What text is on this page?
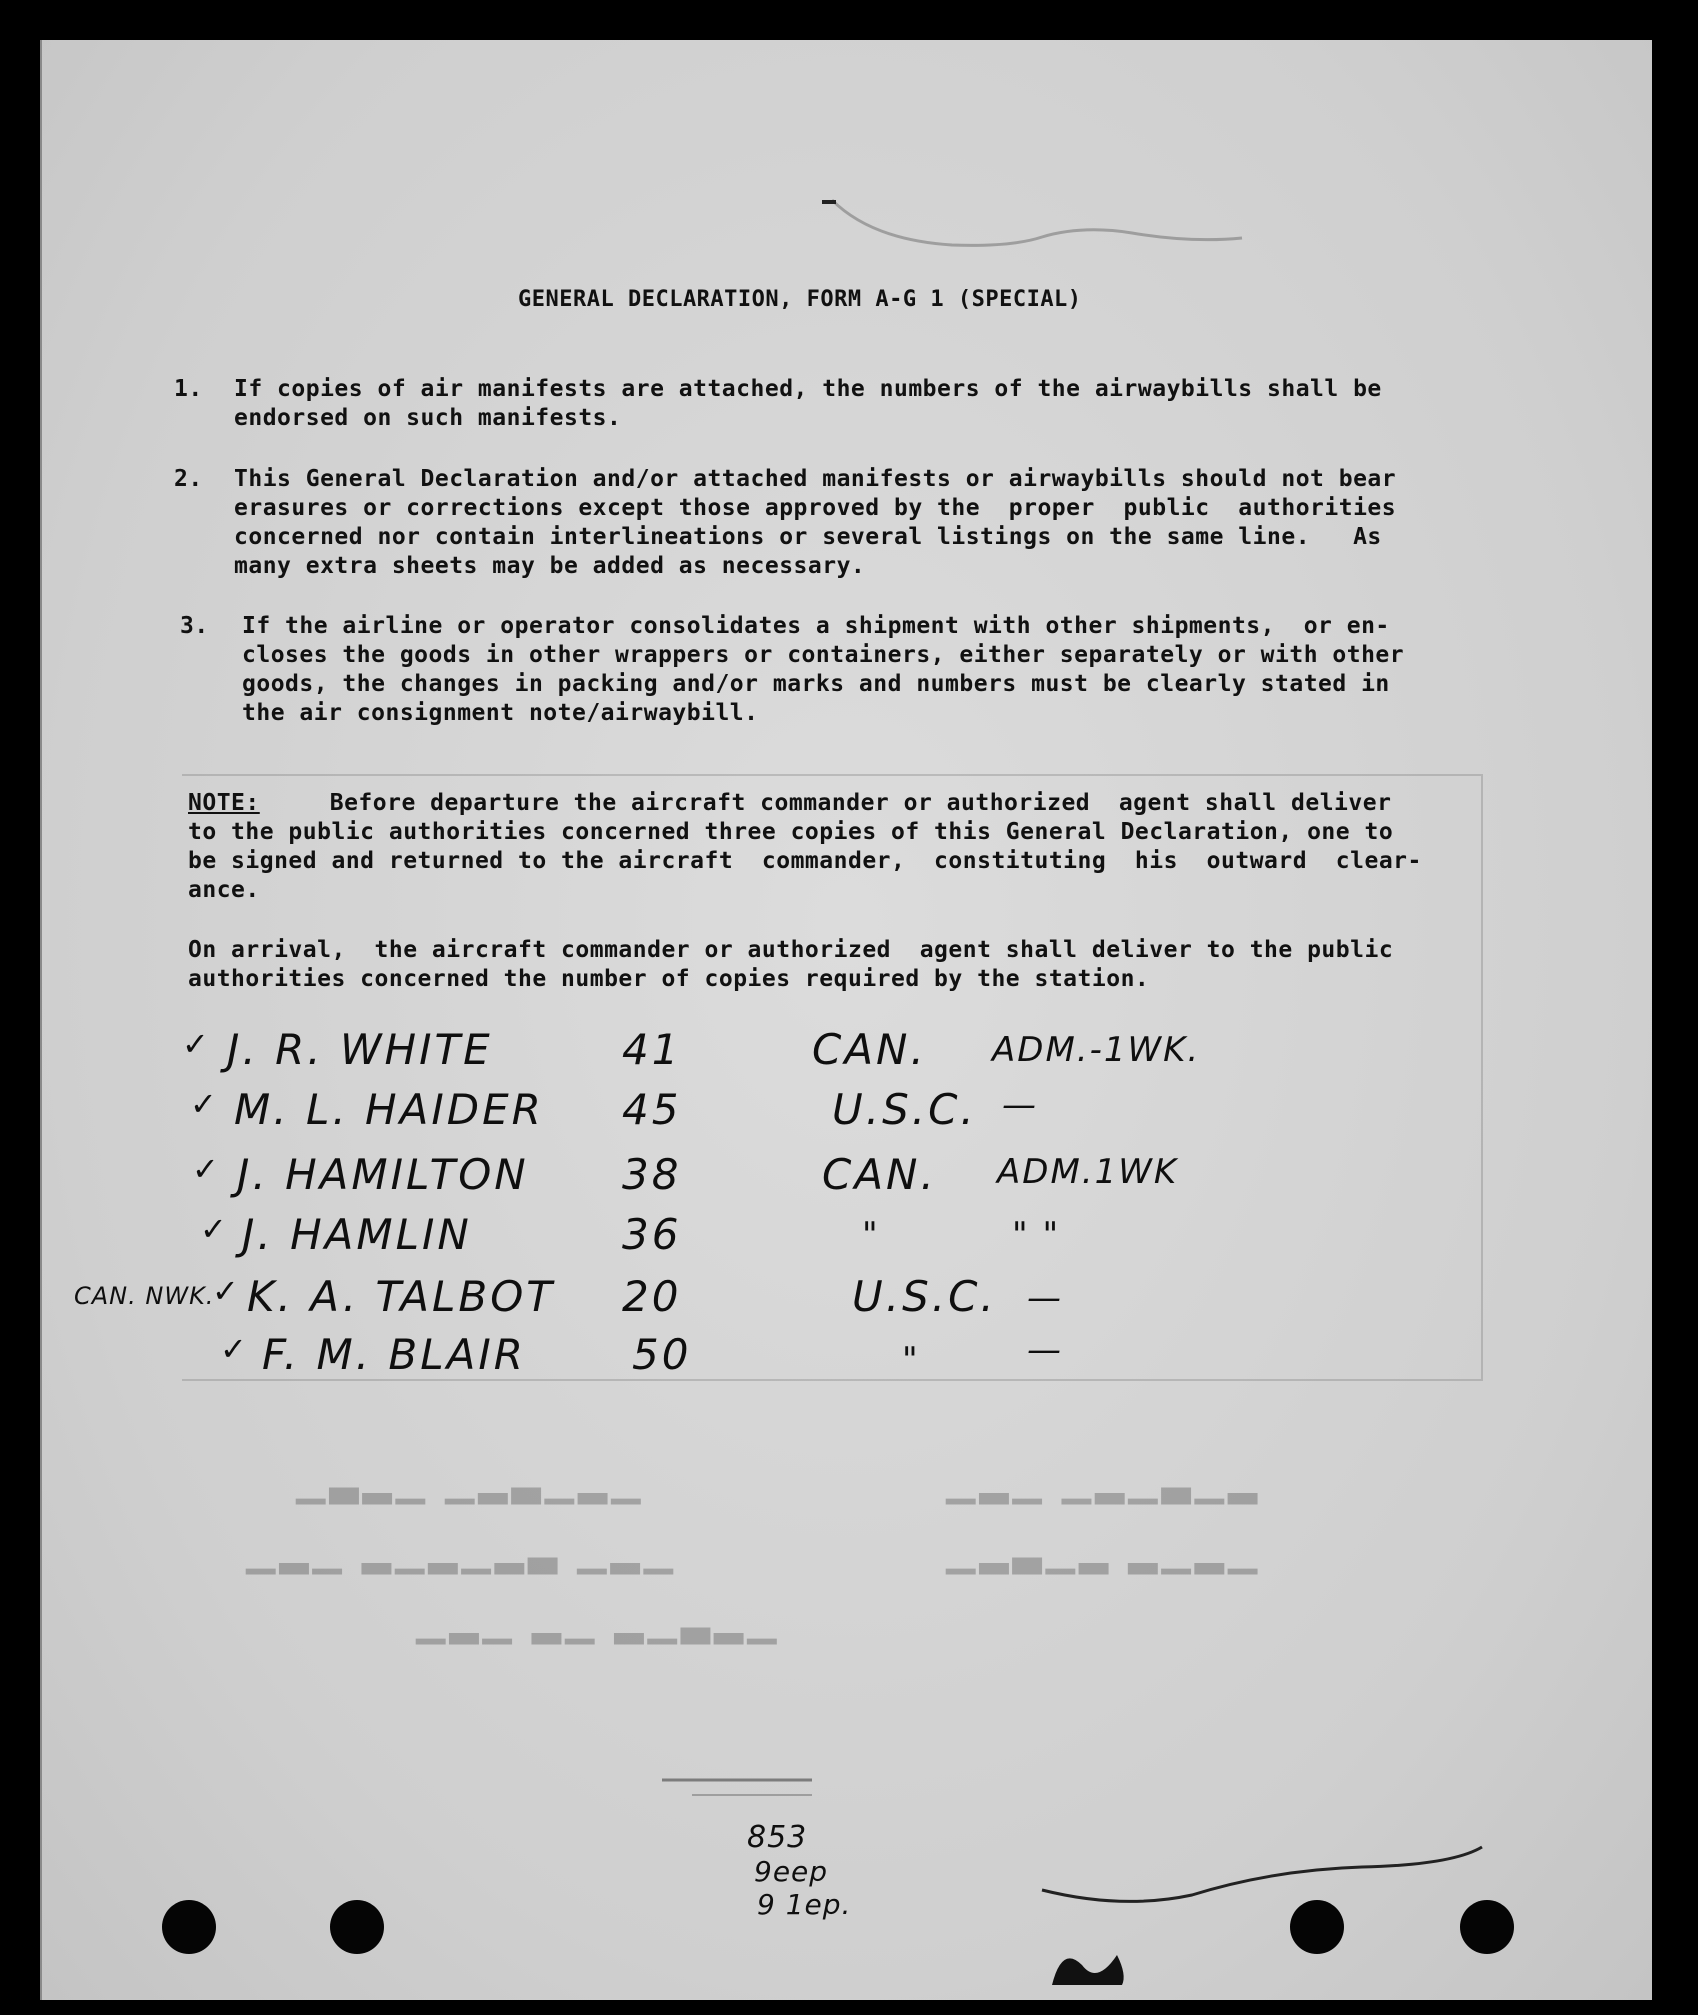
GENERAL DECLARATION, FORM A-G 1 (SPECIAL)
1. If copies of air manifests are attached, the numbers of the airwaybills shall be
endorsed on such manifests.
2. This General Declaration and/or attached manifests or airwaybills should not bear
erasures or corrections except those approved by the  proper  public  authorities
concerned nor contain interlineations or several listings on the same line.   As
many extra sheets may be added as necessary.
3. If the airline or operator consolidates a shipment with other shipments,  or en-
closes the goods in other wrappers or containers, either separately or with other
goods, the changes in packing and/or marks and numbers must be clearly stated in
the air consignment note/airwaybill.
NOTE:
Before departure the aircraft commander or authorized  agent shall deliver
to the public authorities concerned three copies of this General Declaration, one to
be signed and returned to the aircraft  commander,  constituting  his  outward  clear-
ance.
On arrival,  the aircraft commander or authorized  agent shall deliver to the public
authorities concerned the number of copies required by the station.
✓ J. R. WHITE	41	CAN. ADM.-1WK.
✓ M. L. HAIDER 45	U.S.C. —
✓ J. HAMILTON 38	CAN. ADM.1WK
✓ J. HAMLIN	36	"	" "
CAN. NWK.
✓ K. A. TALBOT 20	U.S.C. —
✓ F. M. BLAIR	50	"	—
▁▂▁▃▂▁ ▁▂▃▁	▂▁▃▁▂▁ ▁▂▁
▁▂▁ ▃▂▁▂▁▂ ▁▂▁	▁▂▁▂ ▂▁▃▂▁
▁▂▃▁▂ ▁▂ ▁▂▁
853
9eep
9 1ep.
